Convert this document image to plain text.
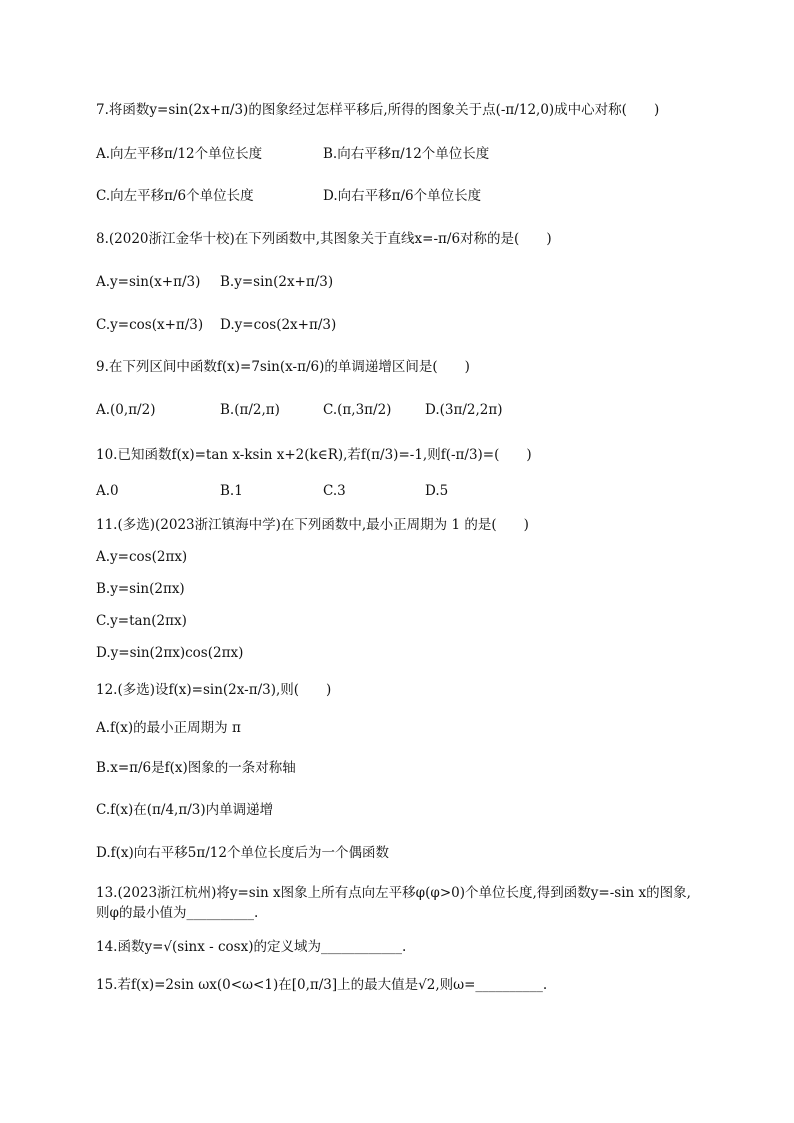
7.将函数y=sin(2x+π/3)的图象经过怎样平移后,所得的图象关于点(-π/12,0)成中心对称(　　)
A.向左平移π/12个单位长度	B.向右平移π/12个单位长度
C.向左平移π/6个单位长度	D.向右平移π/6个单位长度
8.(2020浙江金华十校)在下列函数中,其图象关于直线x=-π/6对称的是(　　)
A.y=sin(x+π/3) B.y=sin(2x+π/3)
C.y=cos(x+π/3) D.y=cos(2x+π/3)
9.在下列区间中函数f(x)=7sin(x-π/6)的单调递增区间是(　　)
A.(0,π/2)	B.(π/2,π)	C.(π,3π/2) D.(3π/2,2π)
10.已知函数f(x)=tan x-ksin x+2(k∈R),若f(π/3)=-1,则f(-π/3)=(　　)
A.0	B.1	C.3	D.5
11.(多选)(2023浙江镇海中学)在下列函数中,最小正周期为 1 的是(　　)
A.y=cos(2πx)
B.y=sin(2πx)
C.y=tan(2πx)
D.y=sin(2πx)cos(2πx)
12.(多选)设f(x)=sin(2x-π/3),则(　　)
A.f(x)的最小正周期为 π
B.x=π/6是f(x)图象的一条对称轴
C.f(x)在(π/4,π/3)内单调递增
D.f(x)向右平移5π/12个单位长度后为一个偶函数
13.(2023浙江杭州)将y=sin x图象上所有点向左平移φ(φ>0)个单位长度,得到函数y=-sin x的图象,
则φ的最小值为__________.
14.函数y=√(sinx - cosx)的定义域为____________.
15.若f(x)=2sin ωx(0<ω<1)在[0,π/3]上的最大值是√2,则ω=__________.
